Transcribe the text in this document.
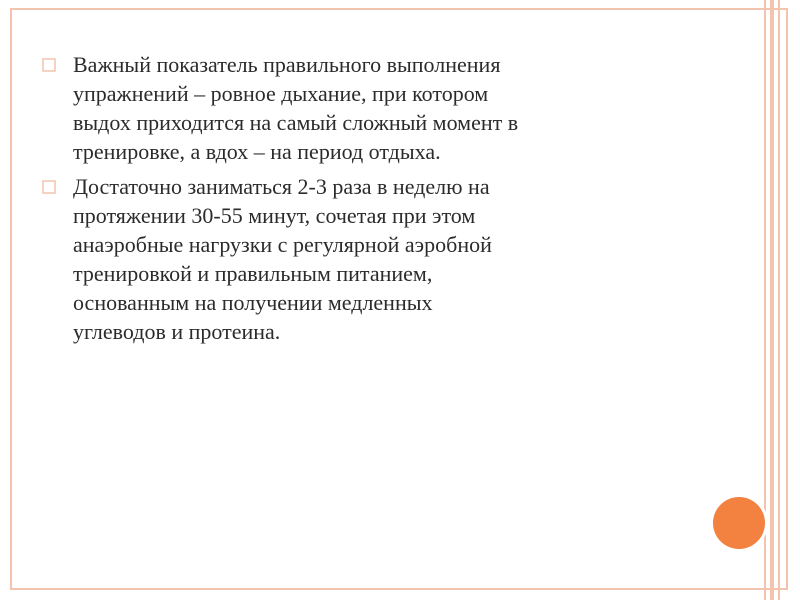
Важный показатель правильного выполнения
упражнений – ровное дыхание, при котором
выдох приходится на самый сложный момент в
тренировке, а вдох – на период отдыха.
Достаточно заниматься 2-3 раза в неделю на
протяжении 30-55 минут, сочетая при этом
анаэробные нагрузки с регулярной аэробной
тренировкой и правильным питанием,
основанным на получении медленных
углеводов и протеина.
